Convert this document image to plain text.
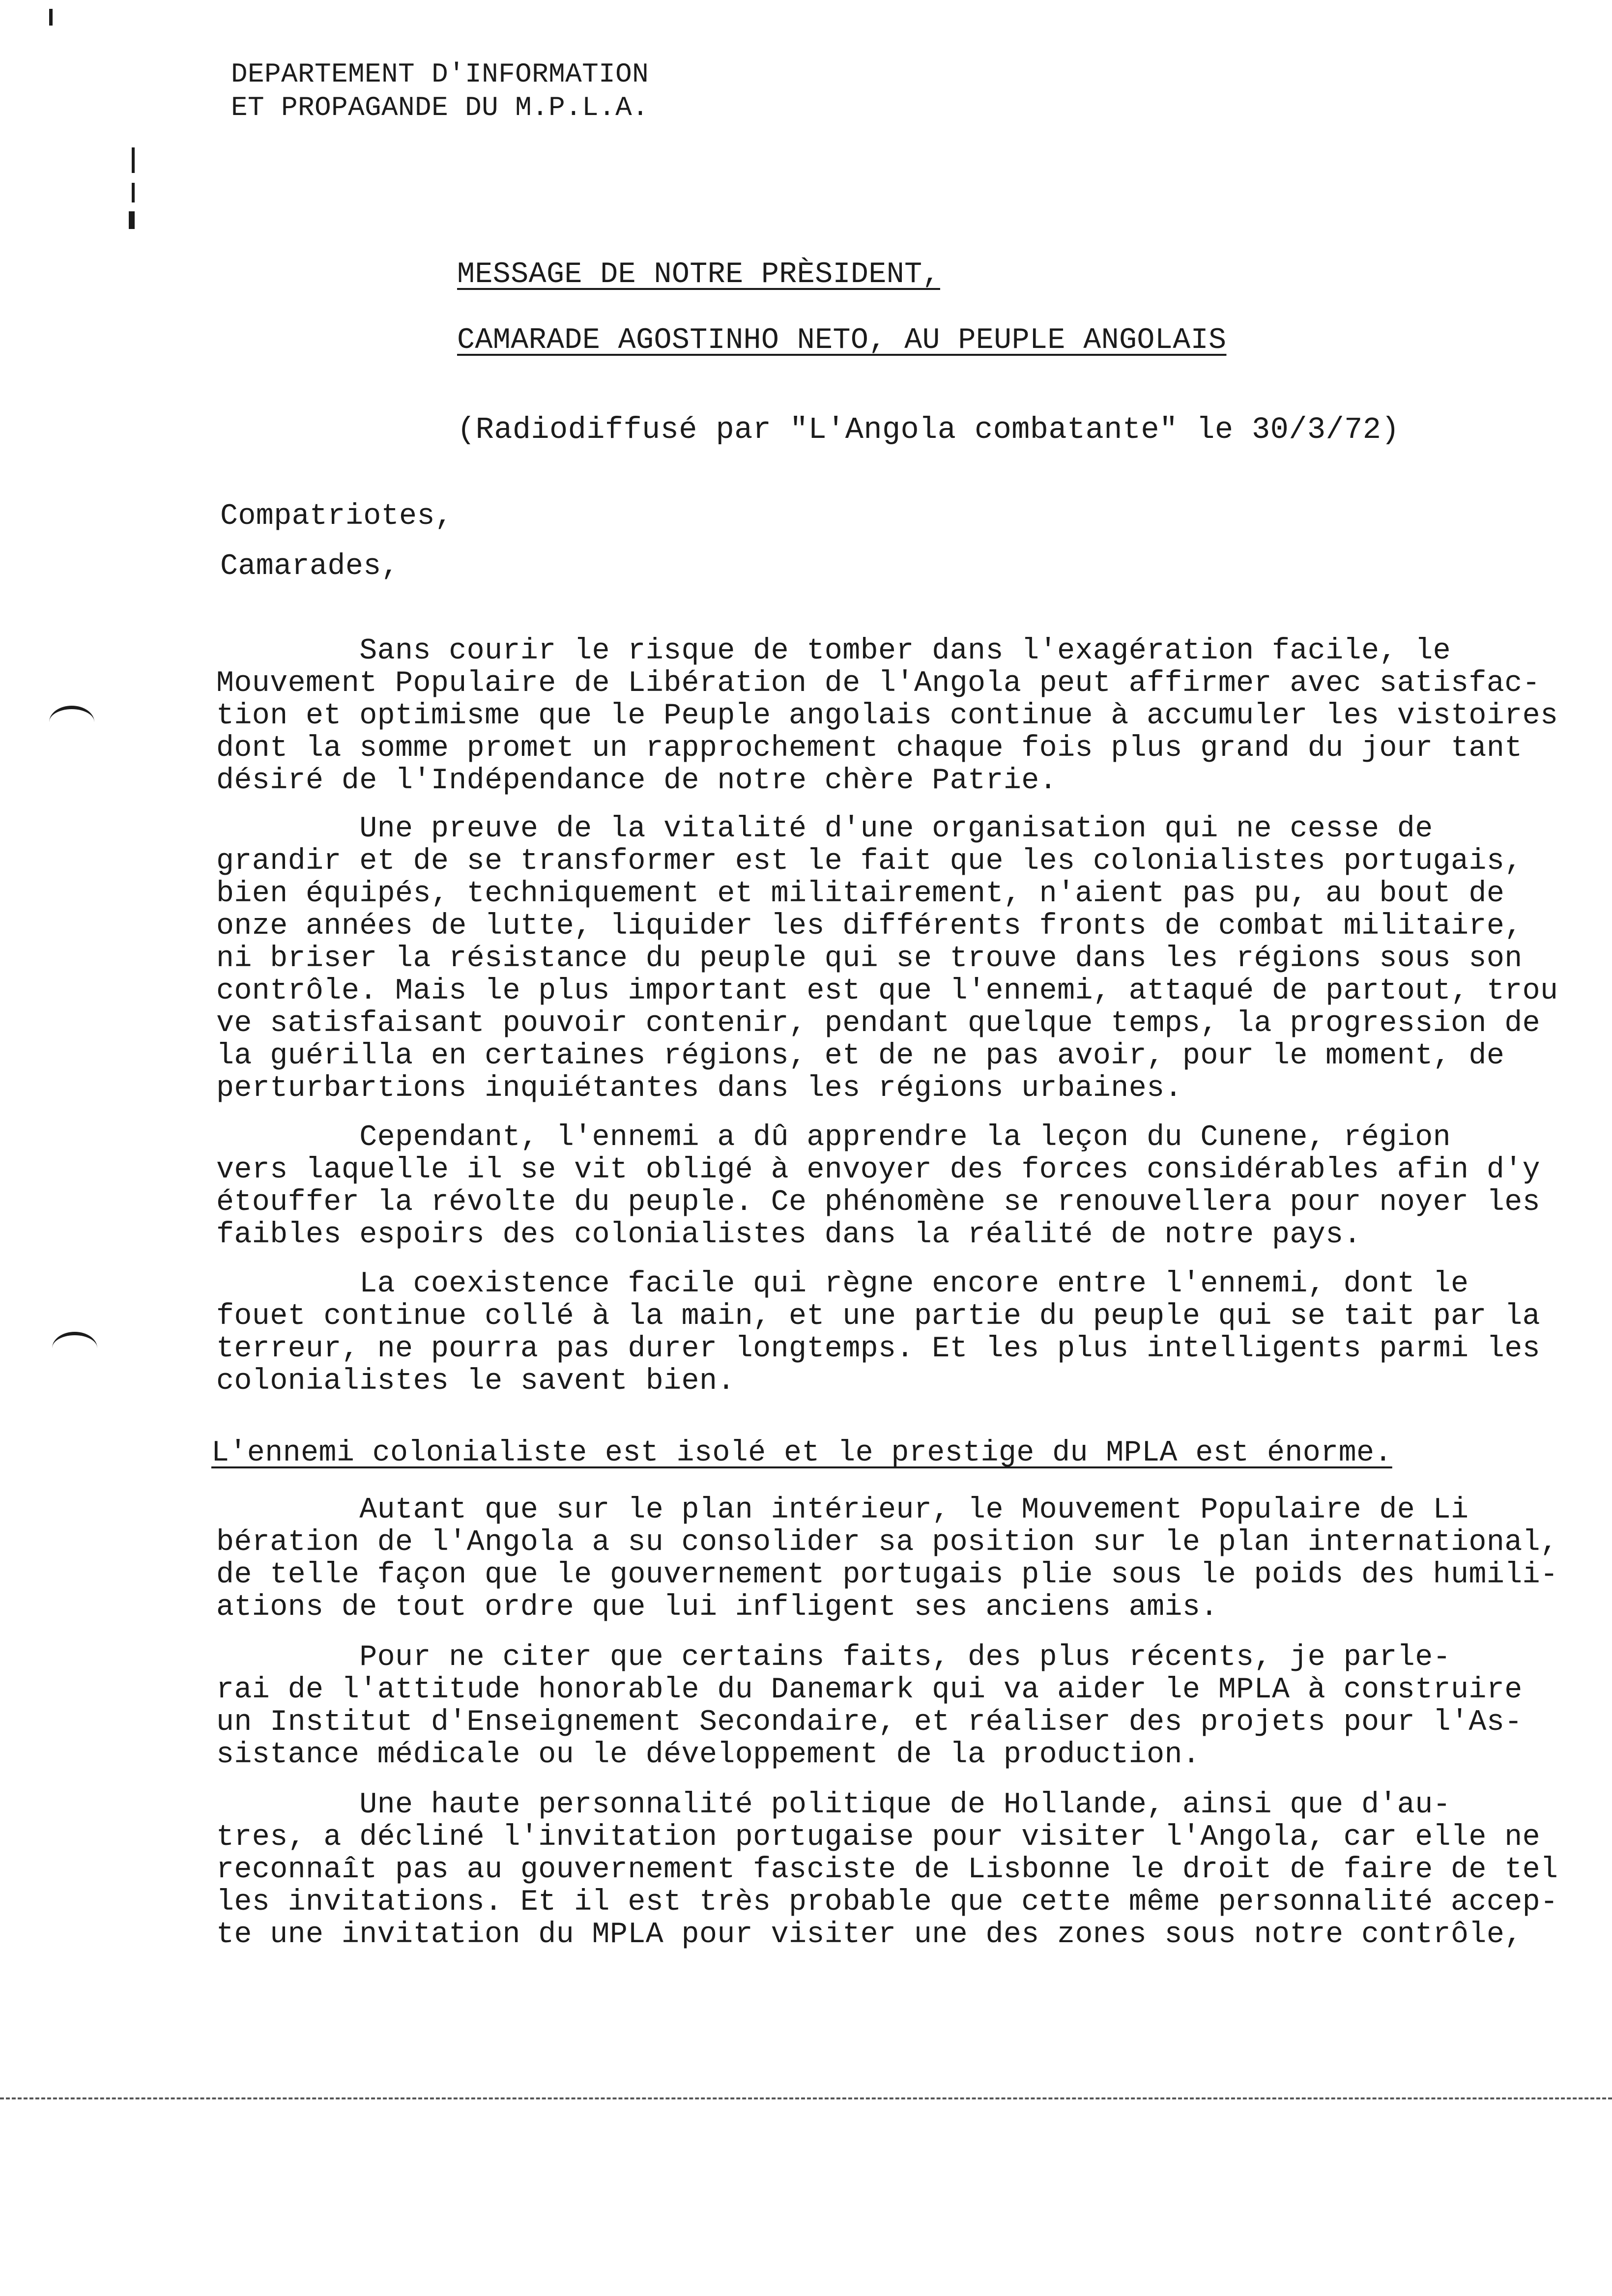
DEPARTEMENT D'INFORMATION
ET PROPAGANDE DU M.P.L.A.
MESSAGE DE NOTRE PRÈSIDENT,
CAMARADE AGOSTINHO NETO, AU PEUPLE ANGOLAIS
(Radiodiffusé par "L'Angola combatante" le 30/3/72)
Compatriotes,
Camarades,
Sans courir le risque de tomber dans l'exagération facile, le
Mouvement Populaire de Libération de l'Angola peut affirmer avec satisfac-
tion et optimisme que le Peuple angolais continue à accumuler les vistoires
dont la somme promet un rapprochement chaque fois plus grand du jour tant
désiré de l'Indépendance de notre chère Patrie.
Une preuve de la vitalité d'une organisation qui ne cesse de
grandir et de se transformer est le fait que les colonialistes portugais,
bien équipés, techniquement et militairement, n'aient pas pu, au bout de
onze années de lutte, liquider les différents fronts de combat militaire,
ni briser la résistance du peuple qui se trouve dans les régions sous son
contrôle. Mais le plus important est que l'ennemi, attaqué de partout, trou
ve satisfaisant pouvoir contenir, pendant quelque temps, la progression de
la guérilla en certaines régions, et de ne pas avoir, pour le moment, de
perturbartions inquiétantes dans les régions urbaines.
Cependant, l'ennemi a dû apprendre la leçon du Cunene, région
vers laquelle il se vit obligé à envoyer des forces considérables afin d'y
étouffer la révolte du peuple. Ce phénomène se renouvellera pour noyer les
faibles espoirs des colonialistes dans la réalité de notre pays.
La coexistence facile qui règne encore entre l'ennemi, dont le
fouet continue collé à la main, et une partie du peuple qui se tait par la
terreur, ne pourra pas durer longtemps. Et les plus intelligents parmi les
colonialistes le savent bien.
L'ennemi colonialiste est isolé et le prestige du MPLA est énorme.
Autant que sur le plan intérieur, le Mouvement Populaire de Li
bération de l'Angola a su consolider sa position sur le plan international,
de telle façon que le gouvernement portugais plie sous le poids des humili-
ations de tout ordre que lui infligent ses anciens amis.
Pour ne citer que certains faits, des plus récents, je parle-
rai de l'attitude honorable du Danemark qui va aider le MPLA à construire
un Institut d'Enseignement Secondaire, et réaliser des projets pour l'As-
sistance médicale ou le développement de la production.
Une haute personnalité politique de Hollande, ainsi que d'au-
tres, a décliné l'invitation portugaise pour visiter l'Angola, car elle ne
reconnaît pas au gouvernement fasciste de Lisbonne le droit de faire de tel
les invitations. Et il est très probable que cette même personnalité accep-
te une invitation du MPLA pour visiter une des zones sous notre contrôle,
